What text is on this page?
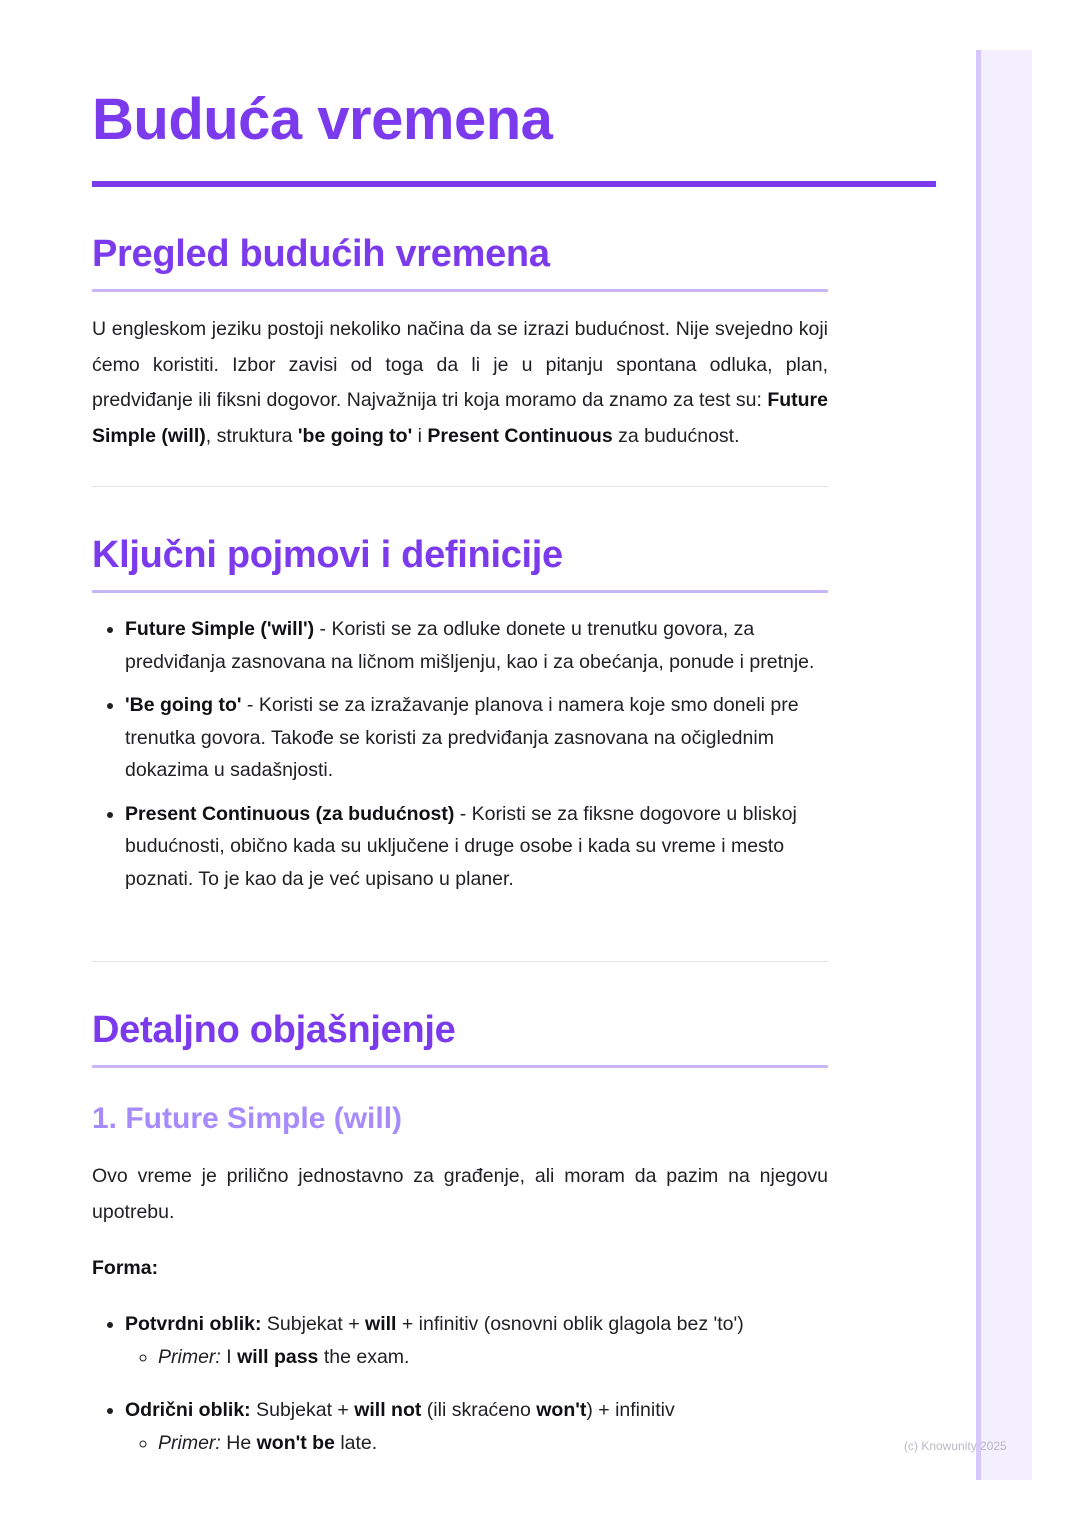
Buduća vremena
Pregled budućih vremena

U engleskom jeziku postoji nekoliko načina da se izrazi budućnost. Nije svejedno koji ćemo koristiti. Izbor zavisi od toga da li je u pitanju spontana odluka, plan, predviđanje ili fiksni dogovor. Najvažnija tri koja moramo da znamo za test su: Future Simple (will), struktura 'be going to' i Present Continuous za budućnost.

Ključni pojmovi i definicije
• Future Simple ('will') - Koristi se za odluke donete u trenutku govora, za predviđanja zasnovana na ličnom mišljenju, kao i za obećanja, ponude i pretnje.
• 'Be going to' - Koristi se za izražavanje planova i namera koje smo doneli pre trenutka govora. Takođe se koristi za predviđanja zasnovana na očiglednim dokazima u sadašnjosti.
• Present Continuous (za budućnost) - Koristi se za fiksne dogovore u bliskoj budućnosti, obično kada su uključene i druge osobe i kada su vreme i mesto poznati. To je kao da je već upisano u planer.
Detaljno objašnjenje
1. Future Simple (will)

Ovo vreme je prilično jednostavno za građenje, ali moram da pazim na njegovu upotrebu.

Forma:

• Potvrdni oblik: Subjekat + will + infinitiv (osnovni oblik glagola bez 'to')
◦ Primer: I will pass the exam.
• Odrični oblik: Subjekat + will not (ili skraćeno won't) + infinitiv
◦ Primer: He won't be late.	(c) Knowunity 2025
